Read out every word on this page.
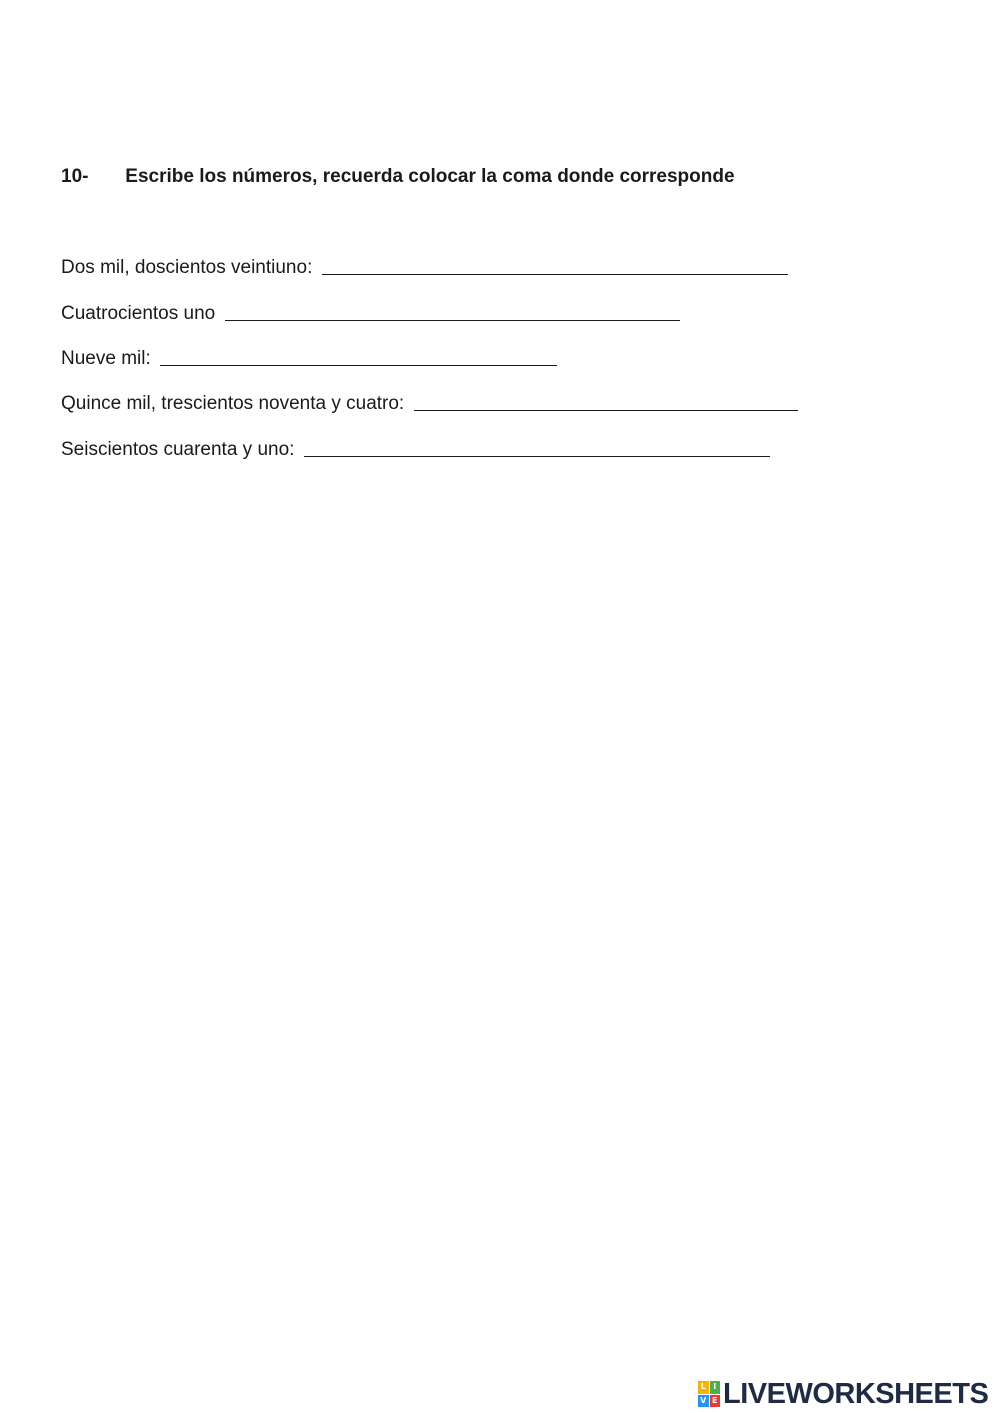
10- Escribe los números, recuerda colocar la coma donde corresponde
Dos mil, doscientos veintiuno:
Cuatrocientos uno
Nueve mil:
Quince mil, trescientos noventa y cuatro:
Seiscientos cuarenta y uno:
L I
V E LIVEWORKSHEETS
